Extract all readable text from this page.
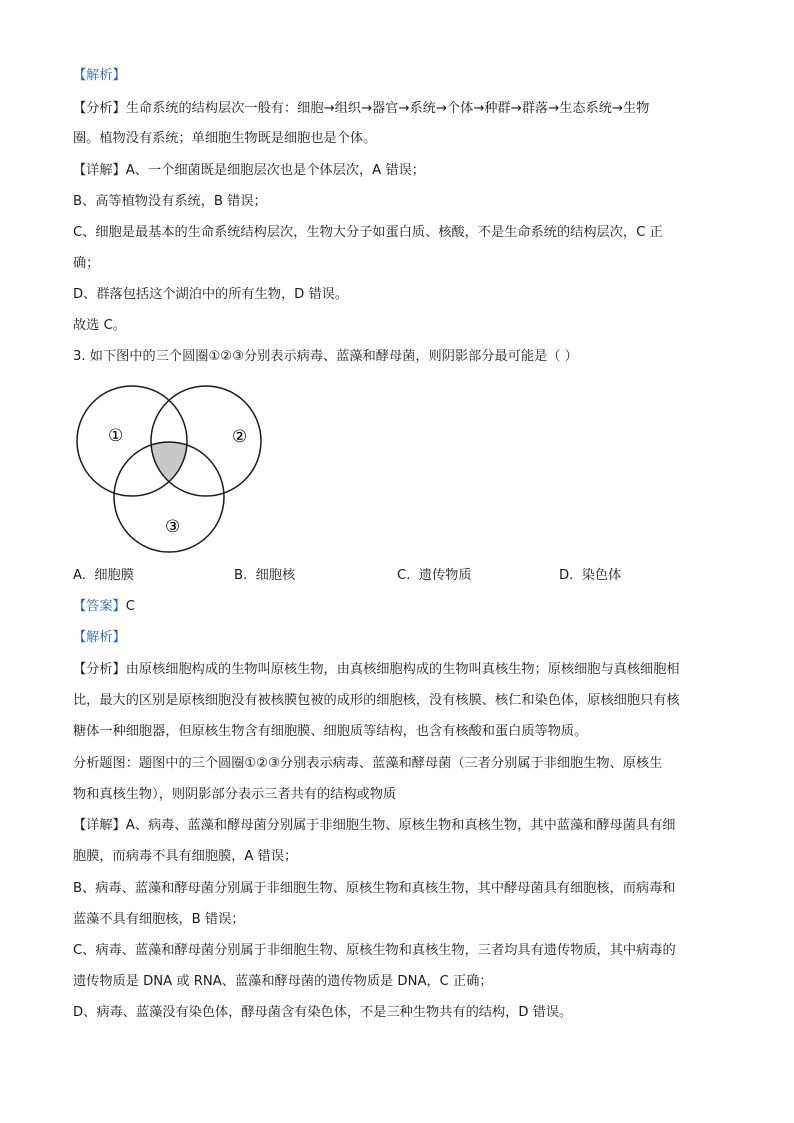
【解析】
【分析】生命系统的结构层次一般有：细胞→组织→器官→系统→个体→种群→群落→生态系统→生物
圈。植物没有系统；单细胞生物既是细胞也是个体。
【详解】A、一个细菌既是细胞层次也是个体层次，A 错误；
B、高等植物没有系统，B 错误；
C、细胞是最基本的生命系统结构层次，生物大分子如蛋白质、核酸，不是生命系统的结构层次，C 正
确；
D、群落包括这个湖泊中的所有生物，D 错误。
故选 C。
3. 如下图中的三个圆圈①②③分别表示病毒、蓝藻和酵母菌，则阴影部分最可能是（ ）
①	②
③
A. 细胞膜	B. 细胞核	C. 遗传物质	D. 染色体
【答案】C
【解析】
【分析】由原核细胞构成的生物叫原核生物，由真核细胞构成的生物叫真核生物；原核细胞与真核细胞相
比，最大的区别是原核细胞没有被核膜包被的成形的细胞核，没有核膜、核仁和染色体，原核细胞只有核
糖体一种细胞器，但原核生物含有细胞膜、细胞质等结构，也含有核酸和蛋白质等物质。
分析题图：题图中的三个圆圈①②③分别表示病毒、蓝藻和酵母菌（三者分别属于非细胞生物、原核生
物和真核生物），则阴影部分表示三者共有的结构或物质
【详解】A、病毒、蓝藻和酵母菌分别属于非细胞生物、原核生物和真核生物，其中蓝藻和酵母菌具有细
胞膜，而病毒不具有细胞膜，A 错误；
B、病毒、蓝藻和酵母菌分别属于非细胞生物、原核生物和真核生物，其中酵母菌具有细胞核，而病毒和
蓝藻不具有细胞核，B 错误；
C、病毒、蓝藻和酵母菌分别属于非细胞生物、原核生物和真核生物，三者均具有遗传物质，其中病毒的
遗传物质是 DNA 或 RNA、蓝藻和酵母菌的遗传物质是 DNA，C 正确；
D、病毒、蓝藻没有染色体，酵母菌含有染色体，不是三种生物共有的结构，D 错误。
